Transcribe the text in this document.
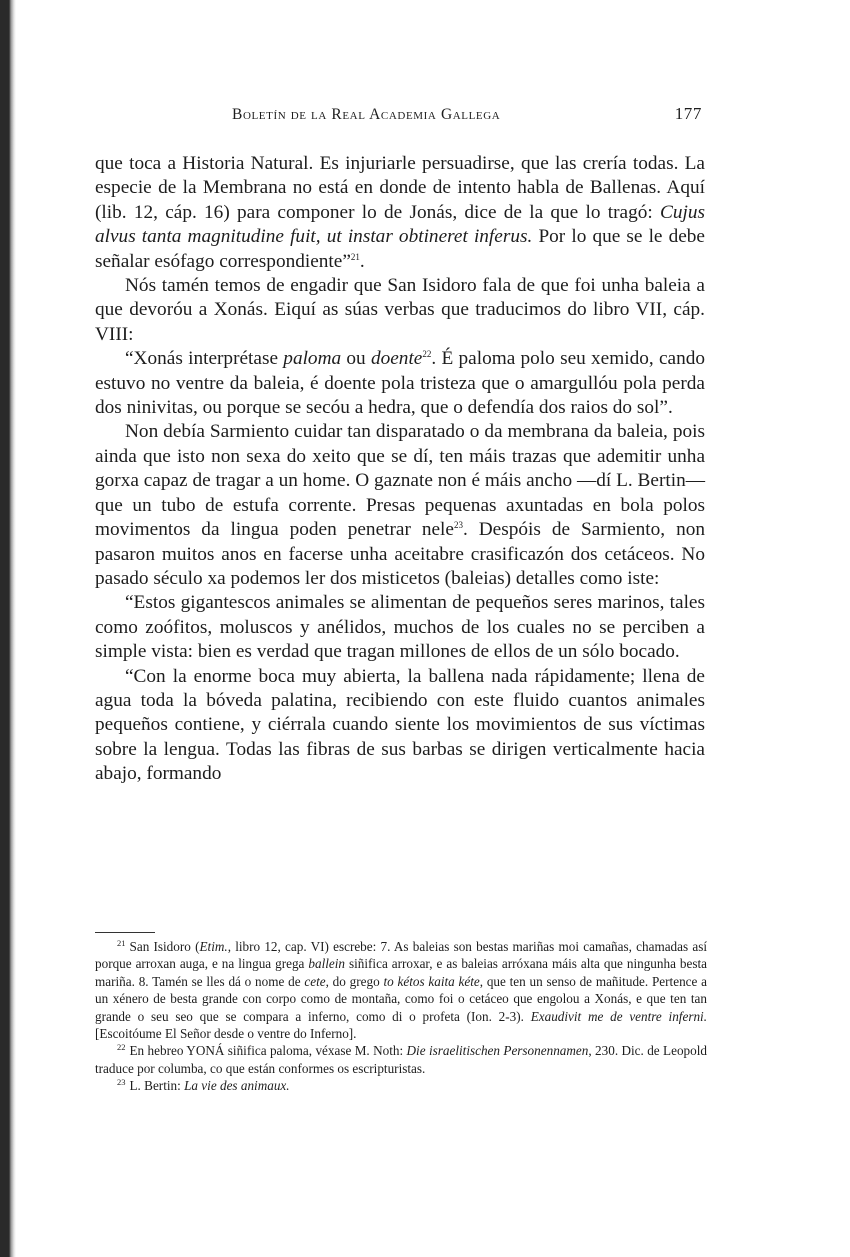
Boletín de la Real Academia Gallega	177

que toca a Historia Natural. Es injuriarle persuadirse, que las crería todas. La especie de la Membrana no está en donde de intento habla de Ballenas. Aquí (lib. 12, cáp. 16) para componer lo de Jonás, dice de la que lo tragó: Cujus alvus tanta magnitudine fuit, ut instar obtineret inferus. Por lo que se le debe señalar esófago correspondiente”$^{21}$.

Nós tamén temos de engadir que San Isidoro fala de que foi unha baleia a que devoróu a Xonás. Eiquí as súas verbas que traducimos do libro VII, cáp. VIII:

“Xonás interprétase paloma ou doente$^{22}$. É paloma polo seu xemido, cando estuvo no ventre da baleia, é doente pola tristeza que o amargullóu pola perda dos ninivitas, ou porque se secóu a hedra, que o defendía dos raios do sol”.

Non debía Sarmiento cuidar tan disparatado o da membrana da baleia, pois ainda que isto non sexa do xeito que se dí, ten máis trazas que ademitir unha gorxa capaz de tragar a un home. O gaznate non é máis ancho —dí L. Bertin— que un tubo de estufa corrente. Presas pequenas axuntadas en bola polos movimentos da lingua poden penetrar nele$^{23}$. Despóis de Sarmiento, non pasaron muitos anos en facerse unha aceitabre crasificazón dos cetáceos. No pasado século xa podemos ler dos misticetos (baleias) detalles como iste:

“Estos gigantescos animales se alimentan de pequeños seres marinos, tales como zoófitos, moluscos y anélidos, muchos de los cuales no se perciben a simple vista: bien es verdad que tragan millones de ellos de un sólo bocado.

“Con la enorme boca muy abierta, la ballena nada rápidamente; llena de agua toda la bóveda palatina, recibiendo con este fluido cuantos animales pequeños contiene, y ciérrala cuando siente los movimientos de sus víctimas sobre la lengua. Todas las fibras de sus barbas se dirigen verticalmente hacia abajo, formando

$^{21}$ San Isidoro (Etim., libro 12, cap. VI) escrebe: 7. As baleias son bestas mariñas moi camañas, chamadas así porque arroxan auga, e na lingua grega ballein siñifica arroxar, e as baleias arróxana máis alta que ningunha besta mariña. 8. Tamén se lles dá o nome de cete, do grego to kétos kaita kéte, que ten un senso de mañitude. Pertence a un xénero de besta grande con corpo como de montaña, como foi o cetáceo que engolou a Xonás, e que ten tan grande o seu seo que se compara a inferno, como di o profeta (Ion. 2-3). Exaudivit me de ventre inferni. [Escoitóume El Señor desde o ventre do Inferno].

$^{22}$ En hebreo YONÁ siñifica paloma, véxase M. Noth: Die israelitischen Personennamen, 230. Dic. de Leopold traduce por columba, co que están conformes os escripturistas.

$^{23}$ L. Bertin: La vie des animaux.
